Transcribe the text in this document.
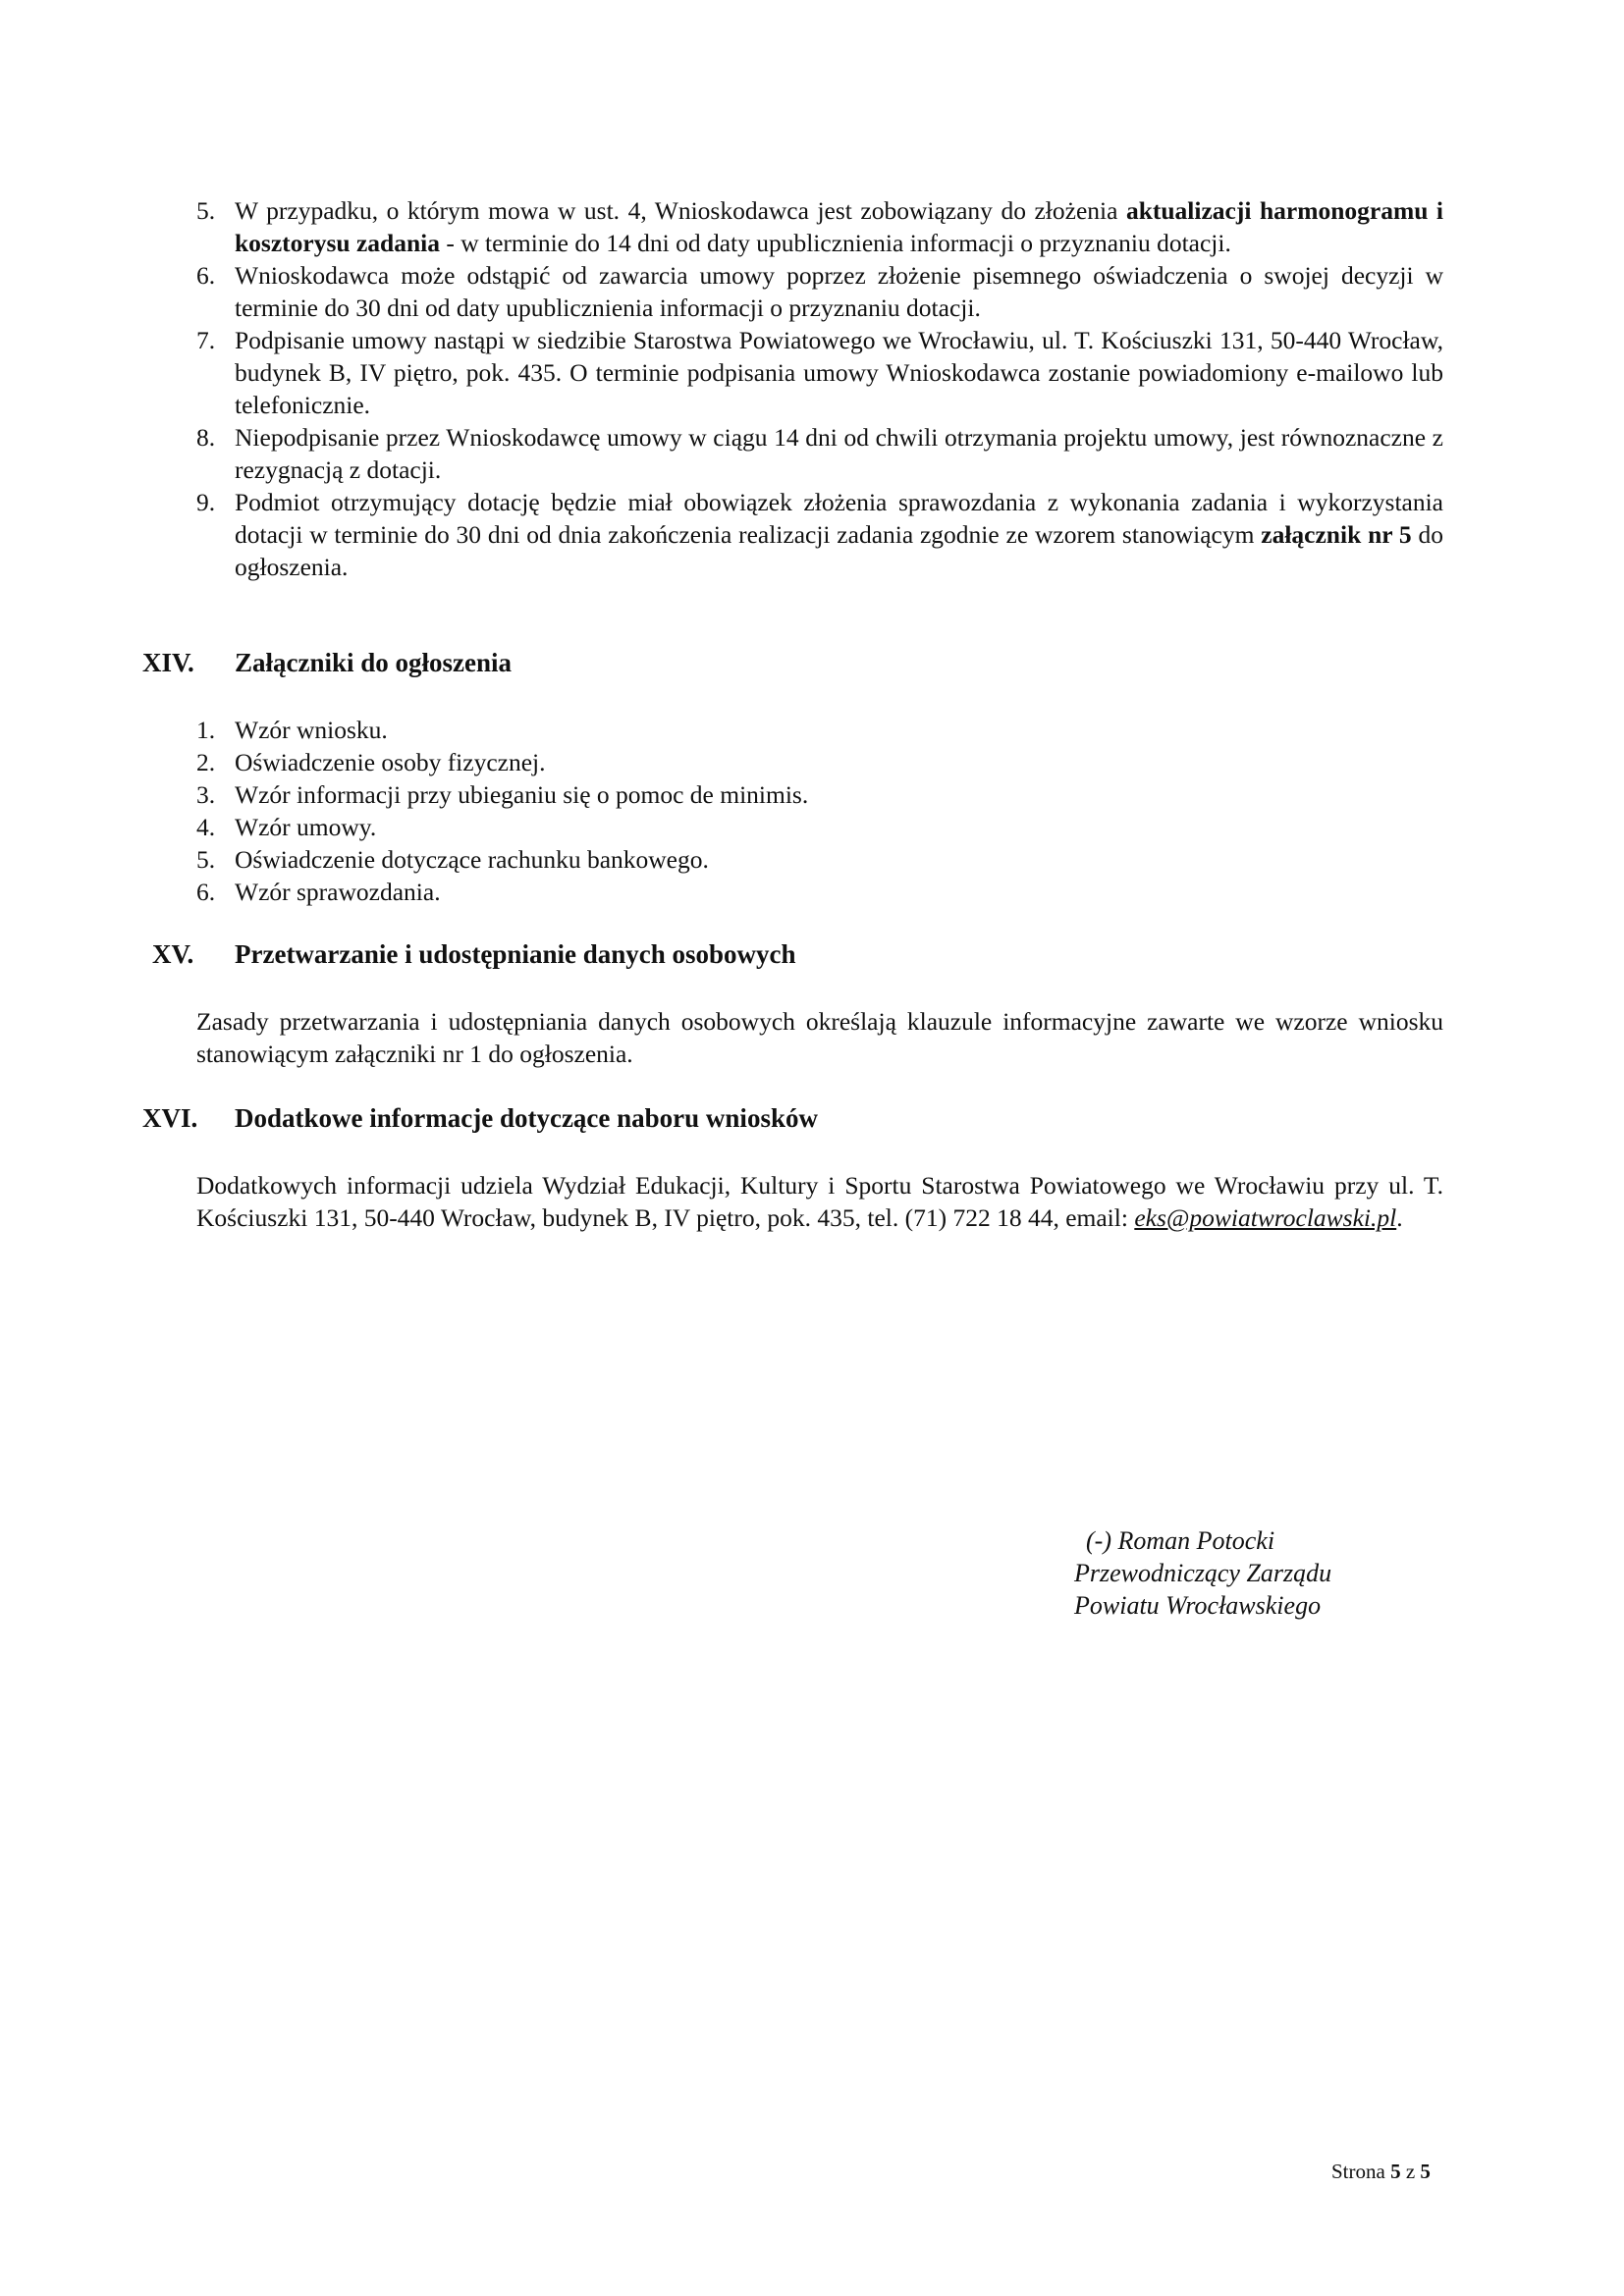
5. W przypadku, o którym mowa w ust. 4, Wnioskodawca jest zobowiązany do złożenia aktualizacji harmonogramu i kosztorysu zadania - w terminie do 14 dni od daty upublicznienia informacji o przyznaniu dotacji.
6. Wnioskodawca może odstąpić od zawarcia umowy poprzez złożenie pisemnego oświadczenia o swojej decyzji w terminie do 30 dni od daty upublicznienia informacji o przyznaniu dotacji.
7. Podpisanie umowy nastąpi w siedzibie Starostwa Powiatowego we Wrocławiu, ul. T. Kościuszki 131, 50-440 Wrocław, budynek B, IV piętro, pok. 435. O terminie podpisania umowy Wnioskodawca zostanie powiadomiony e-mailowo lub telefonicznie.
8. Niepodpisanie przez Wnioskodawcę umowy w ciągu 14 dni od chwili otrzymania projektu umowy, jest równoznaczne z rezygnacją z dotacji.
9. Podmiot otrzymujący dotację będzie miał obowiązek złożenia sprawozdania z wykonania zadania i wykorzystania dotacji w terminie do 30 dni od dnia zakończenia realizacji zadania zgodnie ze wzorem stanowiącym załącznik nr 5 do ogłoszenia.
XIV. Załączniki do ogłoszenia
1. Wzór wniosku.
2. Oświadczenie osoby fizycznej.
3. Wzór informacji przy ubieganiu się o pomoc de minimis.
4. Wzór umowy.
5. Oświadczenie dotyczące rachunku bankowego.
6. Wzór sprawozdania.
XV. Przetwarzanie i udostępnianie danych osobowych
Zasady przetwarzania i udostępniania danych osobowych określają klauzule informacyjne zawarte we wzorze wniosku stanowiącym załączniki nr 1 do ogłoszenia.
XVI. Dodatkowe informacje dotyczące naboru wniosków
Dodatkowych informacji udziela Wydział Edukacji, Kultury i Sportu Starostwa Powiatowego we Wrocławiu przy ul. T. Kościuszki 131, 50-440 Wrocław, budynek B, IV piętro, pok. 435, tel. (71) 722 18 44, email: eks@powiatwroclawski.pl.
(-) Roman Potocki
Przewodniczący Zarządu
Powiatu Wrocławskiego
Strona 5 z 5
